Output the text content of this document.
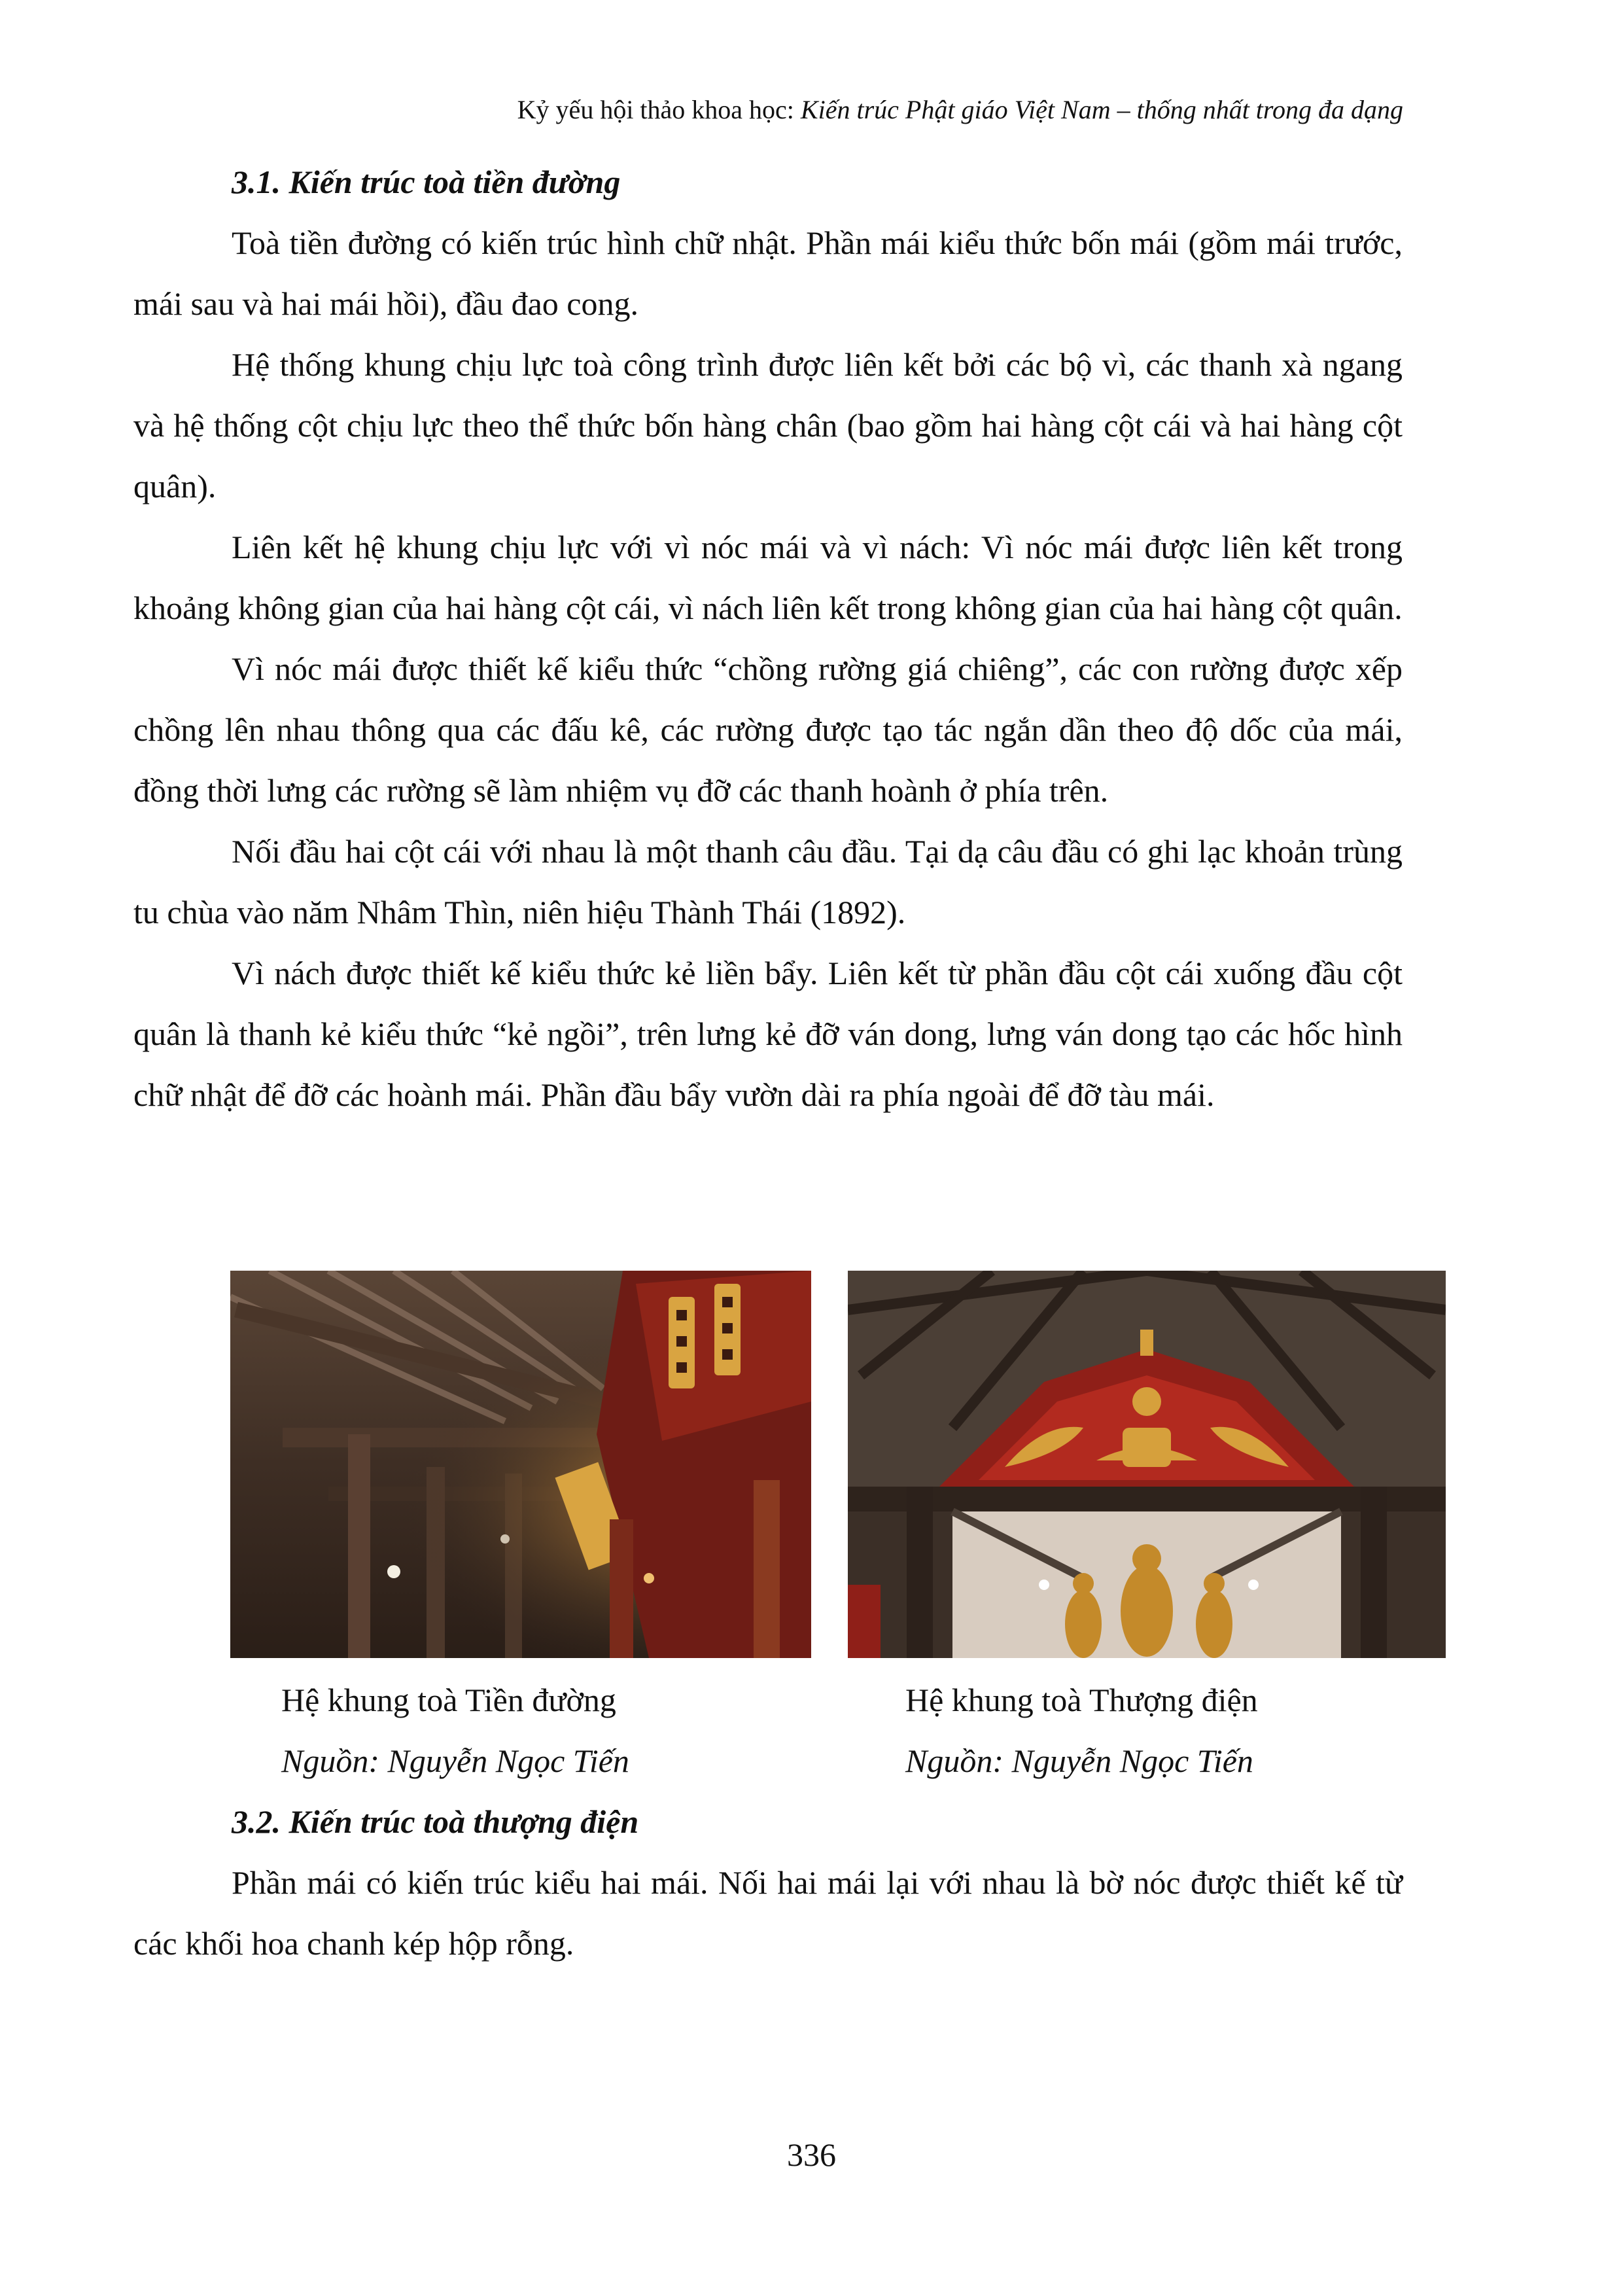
Kỷ yếu hội thảo khoa học: Kiến trúc Phật giáo Việt Nam – thống nhất trong đa dạng

3.1. Kiến trúc toà tiền đường

Toà tiền đường có kiến trúc hình chữ nhật. Phần mái kiểu thức bốn mái (gồm mái trước, mái sau và hai mái hồi), đầu đao cong.

Hệ thống khung chịu lực toà công trình được liên kết bởi các bộ vì, các thanh xà ngang và hệ thống cột chịu lực theo thể thức bốn hàng chân (bao gồm hai hàng cột cái và hai hàng cột quân).

Liên kết hệ khung chịu lực với vì nóc mái và vì nách: Vì nóc mái được liên kết trong khoảng không gian của hai hàng cột cái, vì nách liên kết trong không gian của hai hàng cột quân.

Vì nóc mái được thiết kế kiểu thức “chồng rường giá chiêng”, các con rường được xếp chồng lên nhau thông qua các đấu kê, các rường được tạo tác ngắn dần theo độ dốc của mái, đồng thời lưng các rường sẽ làm nhiệm vụ đỡ các thanh hoành ở phía trên.

Nối đầu hai cột cái với nhau là một thanh câu đầu. Tại dạ câu đầu có ghi lạc khoản trùng tu chùa vào năm Nhâm Thìn, niên hiệu Thành Thái (1892).

Vì nách được thiết kế kiểu thức kẻ liền bẩy. Liên kết từ phần đầu cột cái xuống đầu cột quân là thanh kẻ kiểu thức “kẻ ngồi”, trên lưng kẻ đỡ ván dong, lưng ván dong tạo các hốc hình chữ nhật để đỡ các hoành mái. Phần đầu bẩy vườn dài ra phía ngoài để đỡ tàu mái.

Hệ khung toà Tiền đường
Nguồn: Nguyễn Ngọc Tiến
Hệ khung toà Thượng điện
Nguồn: Nguyễn Ngọc Tiến

3.2. Kiến trúc toà thượng điện

Phần mái có kiến trúc kiểu hai mái. Nối hai mái lại với nhau là bờ nóc được thiết kế từ các khối hoa chanh kép hộp rỗng.

336
